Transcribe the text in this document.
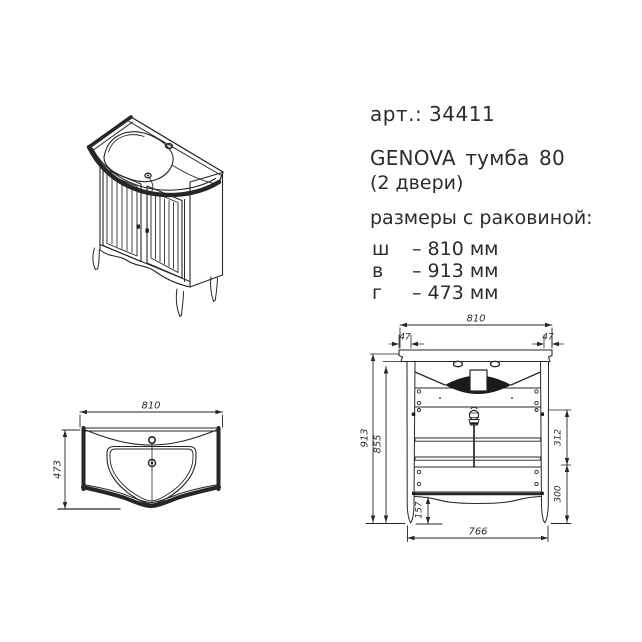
арт.: 34411
GENOVA тумба 80
(2 двери)
размеры с раковиной:
ш	– 810 мм
в	– 913 мм
г	– 473 мм
810
473
810
47	47
913 855	312
300
157
766
